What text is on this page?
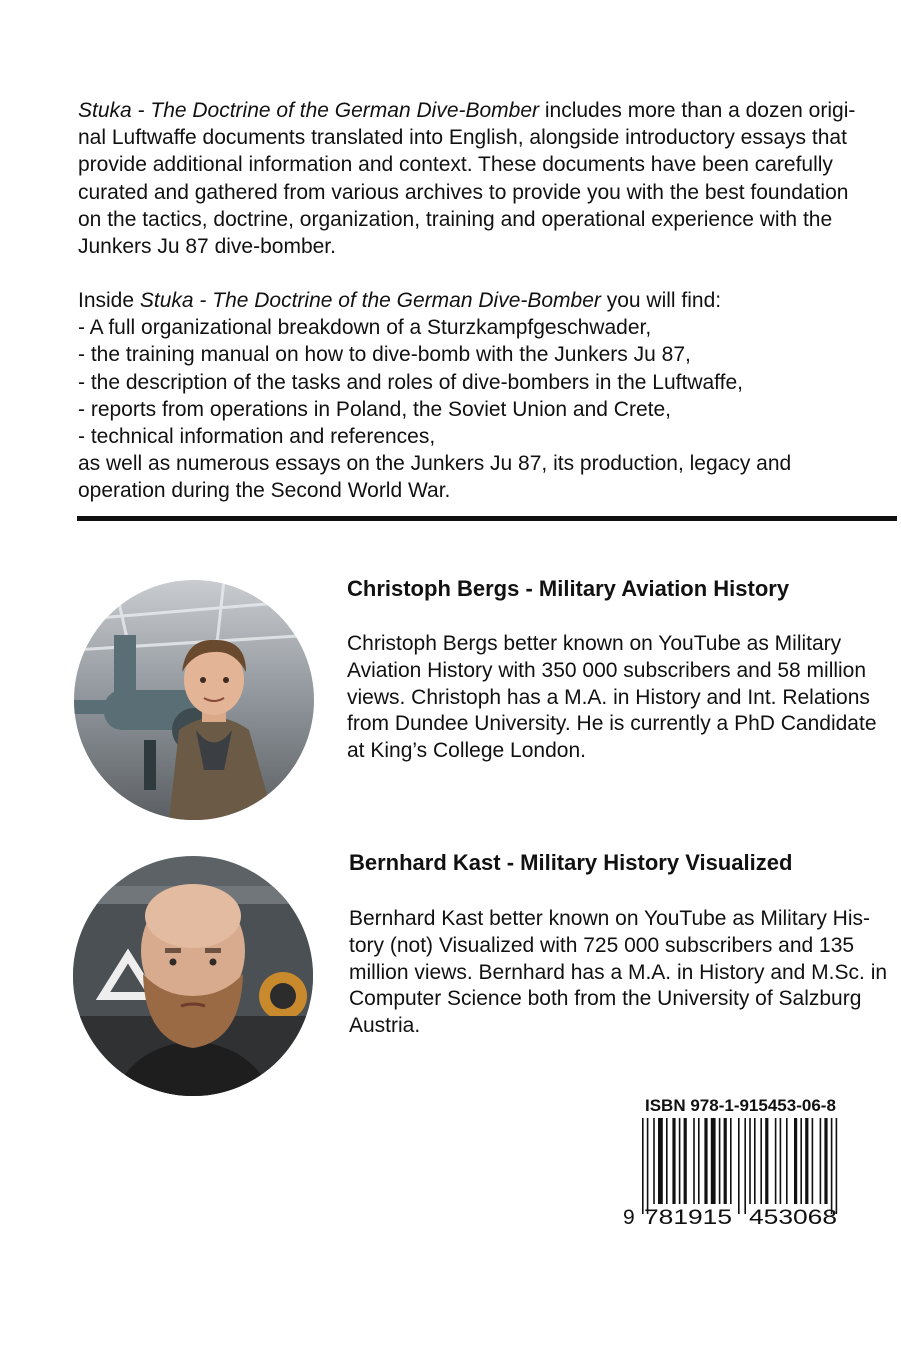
Stuka - The Doctrine of the German Dive-Bomber includes more than a dozen origi-
nal Luftwaffe documents translated into English, alongside introductory essays that
provide additional information and context. These documents have been carefully
curated and gathered from various archives to provide you with the best foundation
on the tactics, doctrine, organization, training and operational experience with the
Junkers Ju 87 dive-bomber.

Inside Stuka - The Doctrine of the German Dive-Bomber you will find:
- A full organizational breakdown of a Sturzkampfgeschwader,
- the training manual on how to dive-bomb with the Junkers Ju 87,
- the description of the tasks and roles of dive-bombers in the Luftwaffe,
- reports from operations in Poland, the Soviet Union and Crete,
- technical information and references,
as well as numerous essays on the Junkers Ju 87, its production, legacy and
operation during the Second World War.

Christoph Bergs - Military Aviation History

Christoph Bergs better known on YouTube as Military
Aviation History with 350 000 subscribers and 58 million
views. Christoph has a M.A. in History and Int. Relations
from Dundee University. He is currently a PhD Candidate
at King’s College London.

Bernhard Kast - Military History Visualized

Bernhard Kast better known on YouTube as Military His-
tory (not) Visualized with 725 000 subscribers and 135
million views. Bernhard has a M.A. in History and M.Sc. in
Computer Science both from the University of Salzburg
Austria.

ISBN 978-1-915453-06-8
9 781915 453068
